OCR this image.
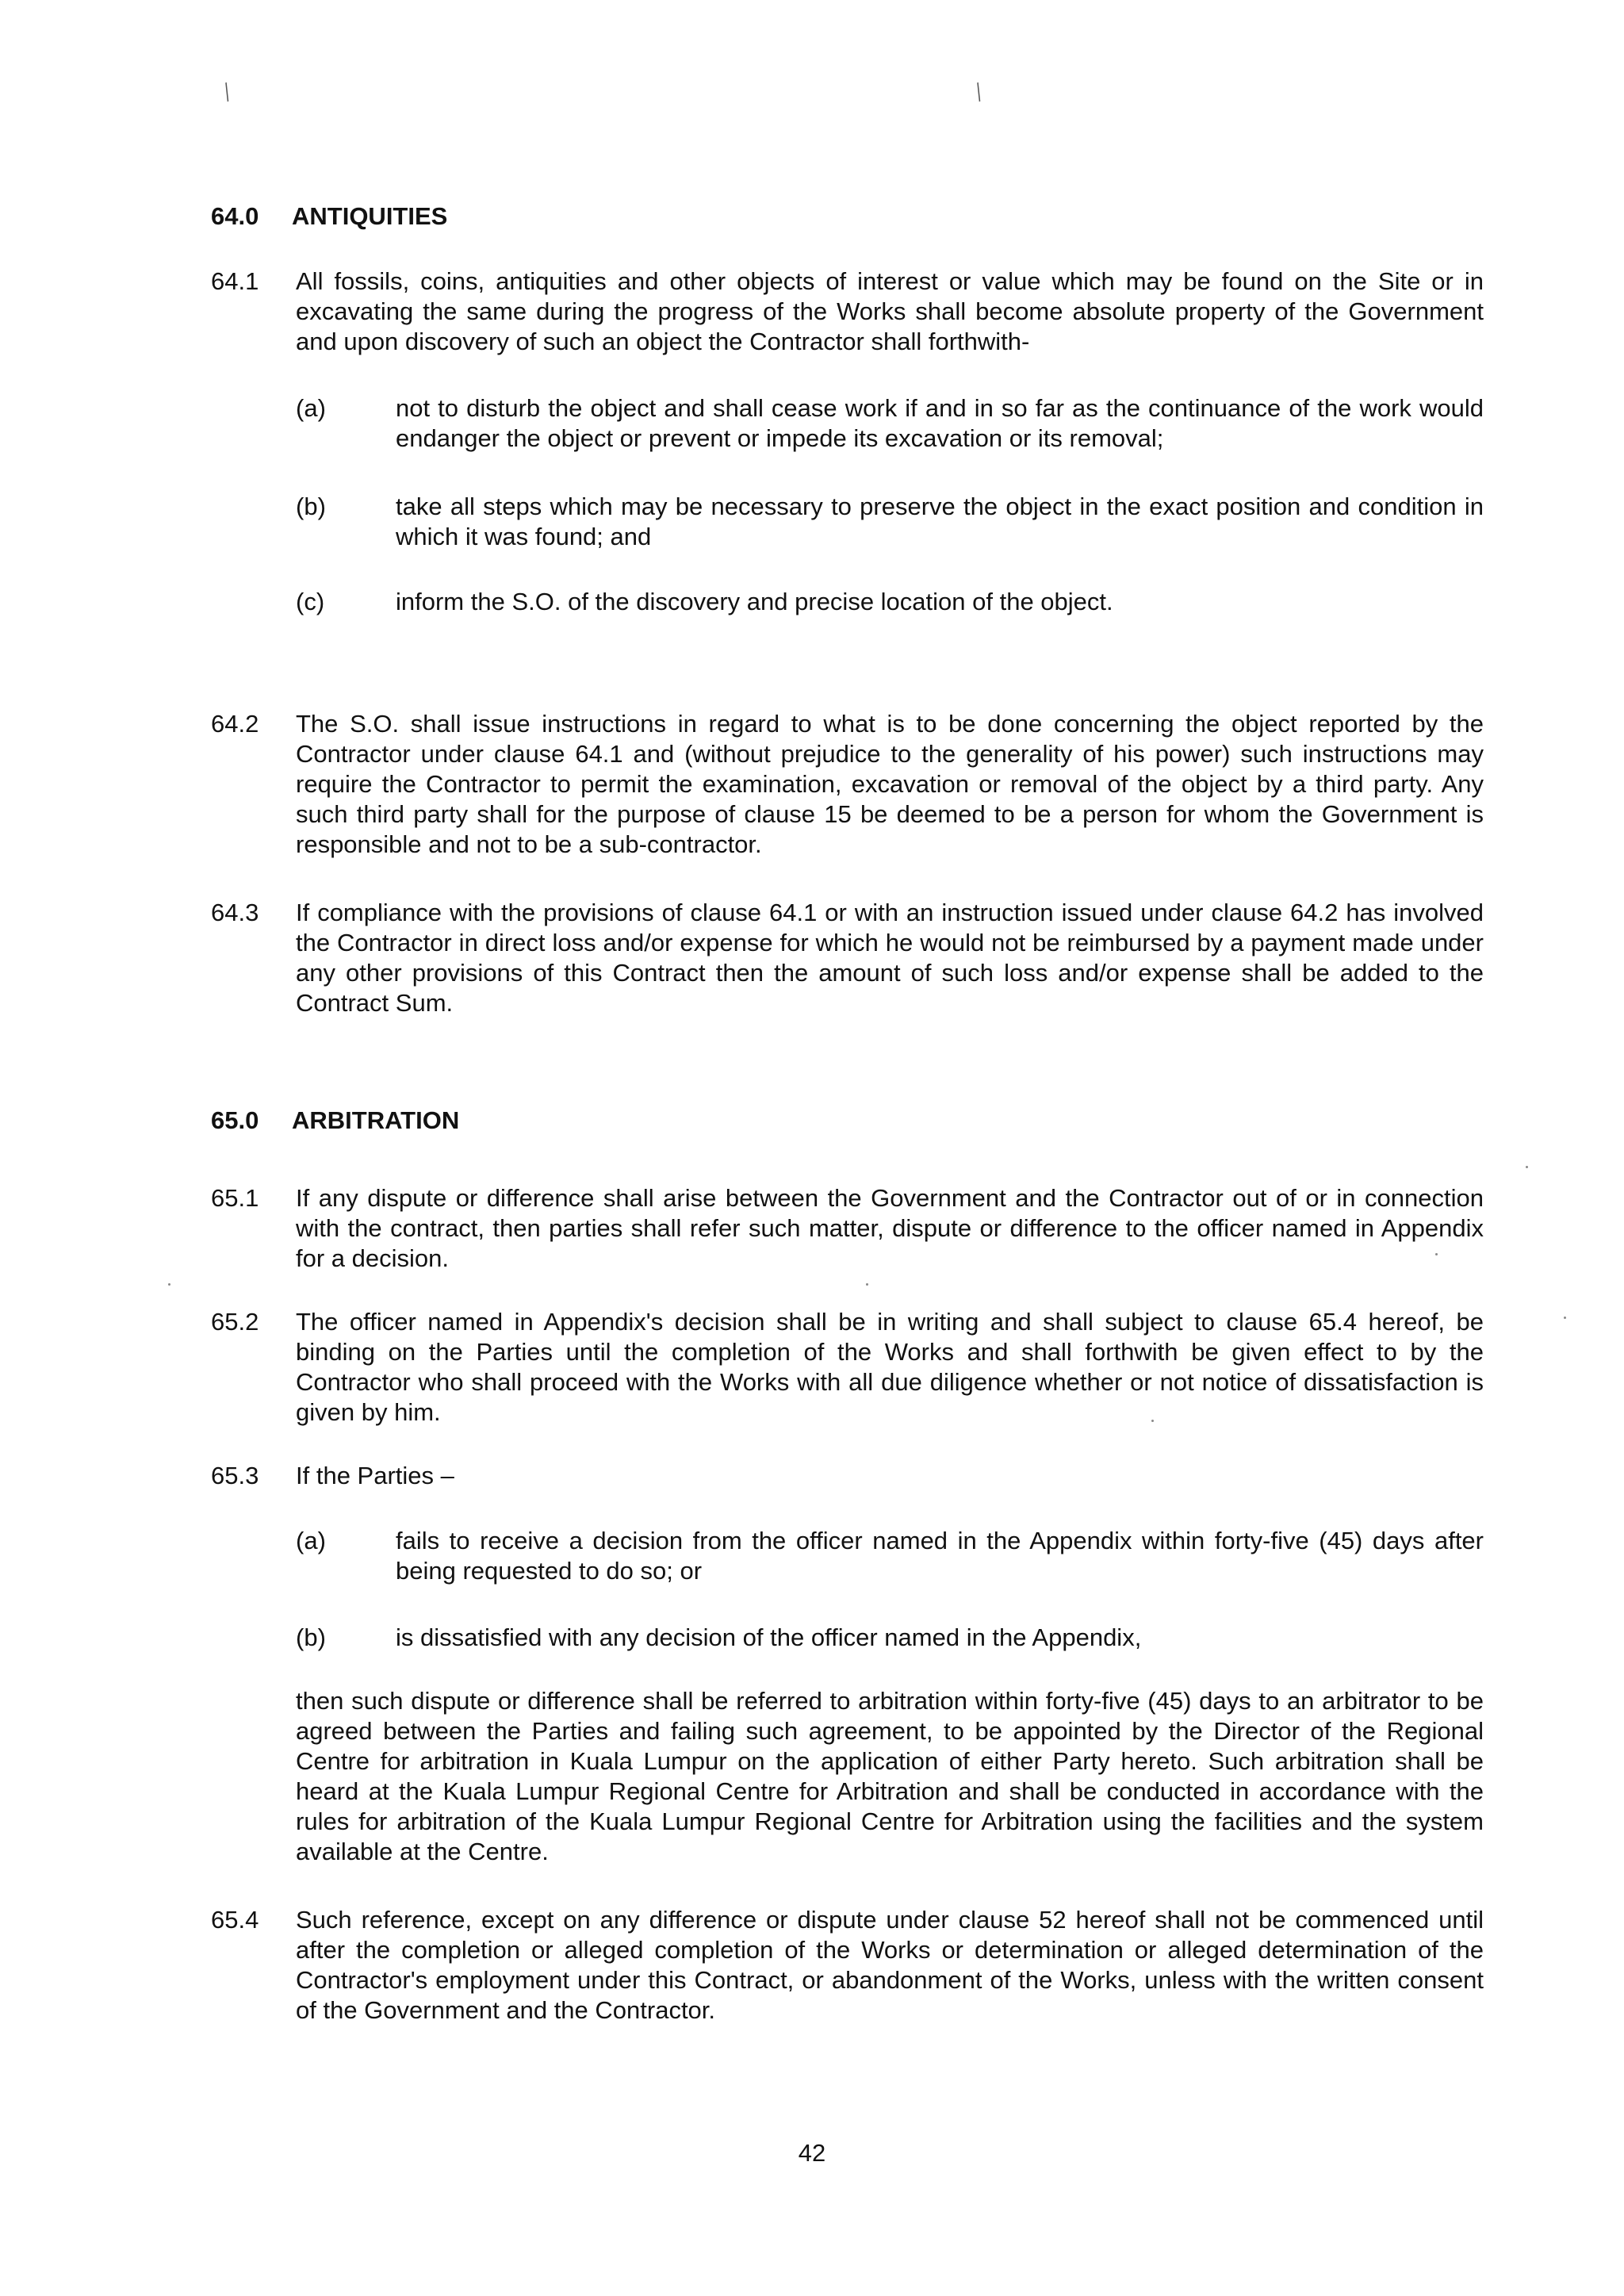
/	/
64.0	ANTIQUITIES
64.1	All fossils, coins, antiquities and other objects of interest or value which may be found on the Site or in excavating the same during the progress of the Works shall become absolute property of the Government and upon discovery of such an object the Contractor shall forthwith-
(a)	not to disturb the object and shall cease work if and in so far as the continuance of the work would endanger the object or prevent or impede its excavation or its removal;
(b)	take all steps which may be necessary to preserve the object in the exact position and condition in which it was found; and
(c)	inform the S.O. of the discovery and precise location of the object.
64.2	The S.O. shall issue instructions in regard to what is to be done concerning the object reported by the Contractor under clause 64.1 and (without prejudice to the generality of his power) such instructions may require the Contractor to permit the examination, excavation or removal of the object by a third party. Any such third party shall for the purpose of clause 15 be deemed to be a person for whom the Government is responsible and not to be a sub-contractor.
64.3	If compliance with the provisions of clause 64.1 or with an instruction issued under clause 64.2 has involved the Contractor in direct loss and/or expense for which he would not be reimbursed by a payment made under any other provisions of this Contract then the amount of such loss and/or expense shall be added to the Contract Sum.
65.0	ARBITRATION
65.1	If any dispute or difference shall arise between the Government and the Contractor out of or in connection with the contract, then parties shall refer such matter, dispute or difference to the officer named in Appendix for a decision.
65.2	The officer named in Appendix's decision shall be in writing and shall subject to clause 65.4 hereof, be binding on the Parties until the completion of the Works and shall forthwith be given effect to by the Contractor who shall proceed with the Works with all due diligence whether or not notice of dissatisfaction is given by him.
65.3	If the Parties –
(a)	fails to receive a decision from the officer named in the Appendix within forty-five (45) days after being requested to do so; or
(b)	is dissatisfied with any decision of the officer named in the Appendix,
then such dispute or difference shall be referred to arbitration within forty-five (45) days to an arbitrator to be agreed between the Parties and failing such agreement, to be appointed by the Director of the Regional Centre for arbitration in Kuala Lumpur on the application of either Party hereto. Such arbitration shall be heard at the Kuala Lumpur Regional Centre for Arbitration and shall be conducted in accordance with the rules for arbitration of the Kuala Lumpur Regional Centre for Arbitration using the facilities and the system available at the Centre.
65.4	Such reference, except on any difference or dispute under clause 52 hereof shall not be commenced until after the completion or alleged completion of the Works or determination or alleged determination of the Contractor's employment under this Contract, or abandonment of the Works, unless with the written consent of the Government and the Contractor.
42
